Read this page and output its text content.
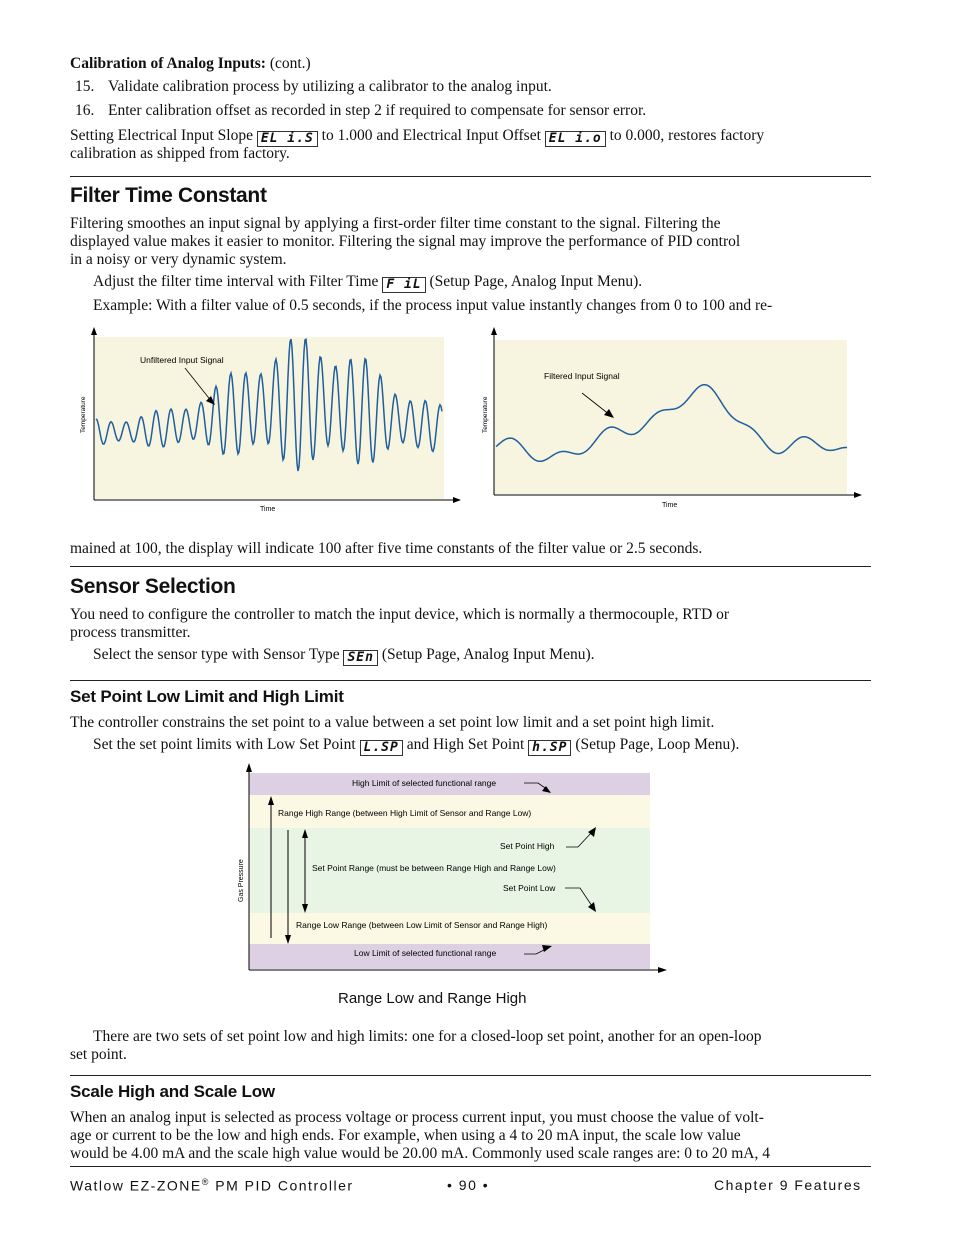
Calibration of Analog Inputs: (cont.)
15. Validate calibration process by utilizing a calibrator to the analog input.
16. Enter calibration offset as recorded in step 2 if required to compensate for sensor error.
Setting Electrical Input Slope EL i.S to 1.000 and Electrical Input Offset EL i.o to 0.000, restores factory
calibration as shipped from factory.
Filter Time Constant
Filtering smoothes an input signal by applying a first-order filter time constant to the signal. Filtering the
displayed value makes it easier to monitor. Filtering the signal may improve the performance of PID control
in a noisy or very dynamic system.
Adjust the filter time interval with Filter Time F iL (Setup Page, Analog Input Menu).
Example: With a filter value of 0.5 seconds, if the process input value instantly changes from 0 to 100 and re-
Unfiltered Input Signal
Time
Temperature
Filtered Input Signal
Time
Temperature
mained at 100, the display will indicate 100 after five time constants of the filter value or 2.5 seconds.
Sensor Selection
You need to configure the controller to match the input device, which is normally a thermocouple, RTD or
process transmitter.
Select the sensor type with Sensor Type SEn (Setup Page, Analog Input Menu).
Set Point Low Limit and High Limit
The controller constrains the set point to a value between a set point low limit and a set point high limit.
Set the set point limits with Low Set Point L.SP and High Set Point h.SP (Setup Page, Loop Menu).
High Limit of selected functional range
Range High Range (between High Limit of Sensor and Range Low)
Set Point High
Set Point Range (must be between Range High and Range Low)
Set Point Low
Range Low Range (between Low Limit of Sensor and Range High)
Low Limit of selected functional range
Gas Pressure
Range Low and Range High
There are two sets of set point low and high limits: one for a closed-loop set point, another for an open-loop
set point.
Scale High and Scale Low
When an analog input is selected as process voltage or process current input, you must choose the value of volt-
age or current to be the low and high ends. For example, when using a 4 to 20 mA input, the scale low value
would be 4.00 mA and the scale high value would be 20.00 mA. Commonly used scale ranges are: 0 to 20 mA, 4
Watlow EZ-ZONE® PM PID Controller	• 90 •	Chapter 9 Features
